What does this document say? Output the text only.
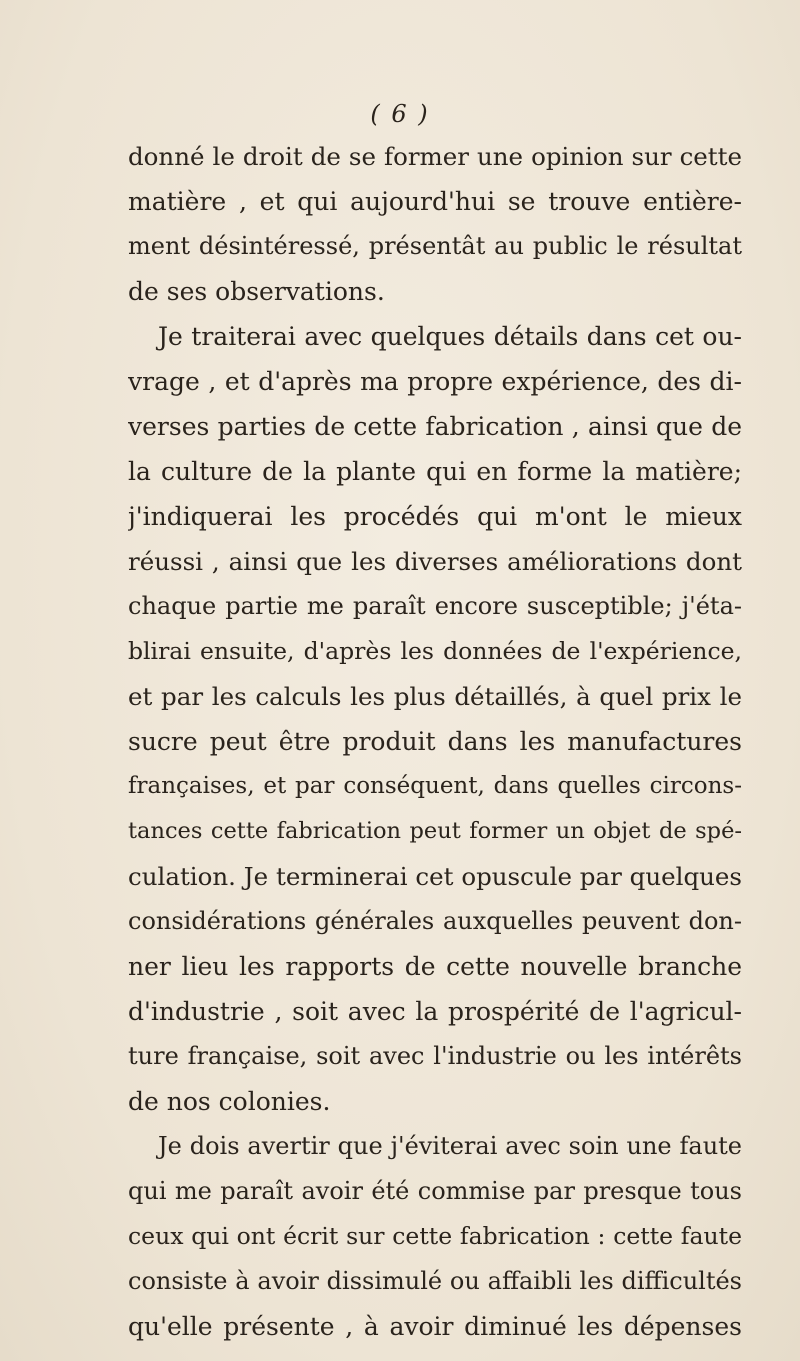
( 6 )
donné le droit de se former une opinion sur cette
matière , et qui aujourd'hui se trouve entière-
ment désintéressé, présentât au public le résultat
de ses observations.
Je traiterai avec quelques détails dans cet ou-
vrage , et d'après ma propre expérience, des di-
verses parties de cette fabrication , ainsi que de
la culture de la plante qui en forme la matière;
j'indiquerai les procédés qui m'ont le mieux
réussi , ainsi que les diverses améliorations dont
chaque partie me paraît encore susceptible; j'éta-
blirai ensuite, d'après les données de l'expérience,
et par les calculs les plus détaillés, à quel prix le
sucre peut être produit dans les manufactures
françaises, et par conséquent, dans quelles circons-
tances cette fabrication peut former un objet de spé-
culation. Je terminerai cet opuscule par quelques
considérations générales auxquelles peuvent don-
ner lieu les rapports de cette nouvelle branche
d'industrie , soit avec la prospérité de l'agricul-
ture française, soit avec l'industrie ou les intérêts
de nos colonies.
Je dois avertir que j'éviterai avec soin une faute
qui me paraît avoir été commise par presque tous
ceux qui ont écrit sur cette fabrication : cette faute
consiste à avoir dissimulé ou affaibli les difficultés
qu'elle présente , à avoir diminué les dépenses
